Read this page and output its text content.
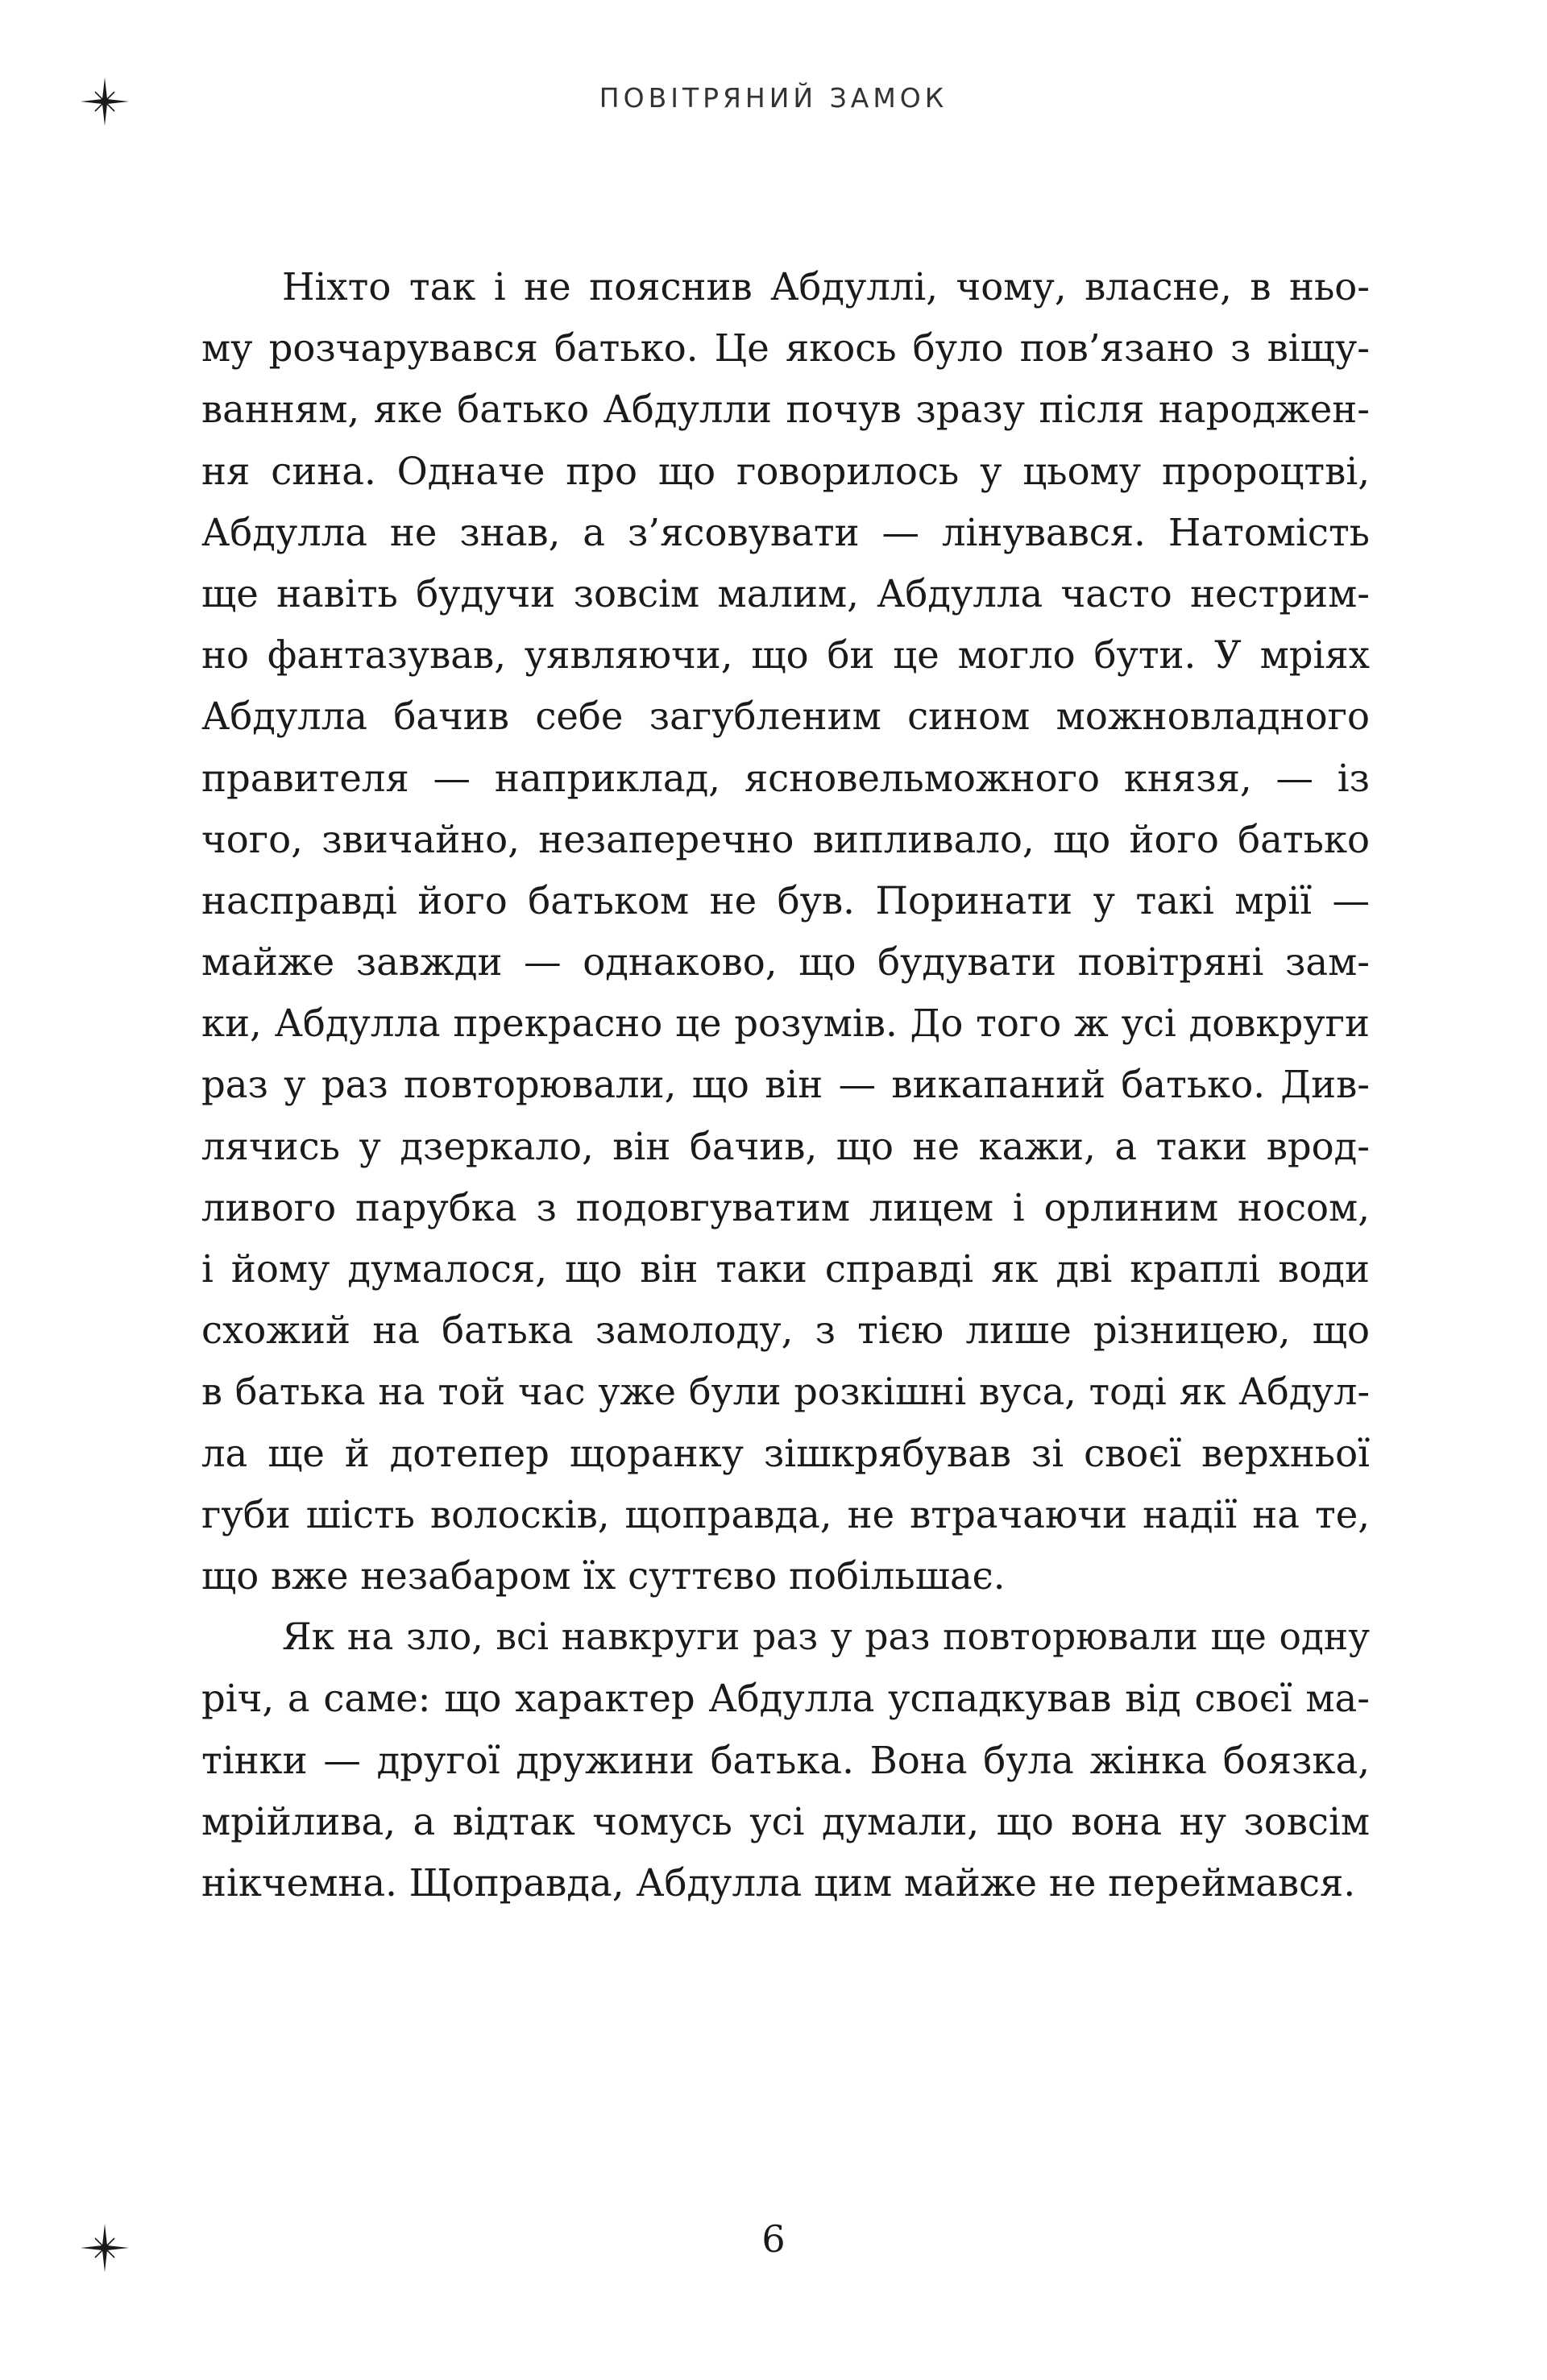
ПОВІТРЯНИЙ ЗАМОК
Ніхто так і не пояснив Абдуллі, чому, власне, в ньо-
му розчарувався батько. Це якось було пов’язано з віщу-
ванням, яке батько Абдулли почув зразу після народжен-
ня сина. Одначе про що говорилось у цьому пророцтві,
Абдулла не знав, а з’ясовувати — лінувався. Натомість
ще навіть будучи зовсім малим, Абдулла часто нестрим-
но фантазував, уявляючи, що би це могло бути. У мріях
Абдулла бачив себе загубленим сином можновладного
правителя — наприклад, ясновельможного князя, — із
чого, звичайно, незаперечно випливало, що його батько
насправді його батьком не був. Поринати у такі мрії —
майже завжди — однаково, що будувати повітряні зам-
ки, Абдулла прекрасно це розумів. До того ж усі довкруги
раз у раз повторювали, що він — викапаний батько. Див-
лячись у дзеркало, він бачив, що не кажи, а таки врод-
ливого парубка з подовгуватим лицем і орлиним носом,
і йому думалося, що він таки справді як дві краплі води
схожий на батька замолоду, з тією лише різницею, що
в батька на той час уже були розкішні вуса, тоді як Абдул-
ла ще й дотепер щоранку зішкрябував зі своєї верхньої
губи шість волосків, щоправда, не втрачаючи надії на те,
що вже незабаром їх суттєво побільшає.
Як на зло, всі навкруги раз у раз повторювали ще одну
річ, а саме: що характер Абдулла успадкував від своєї ма-
тінки — другої дружини батька. Вона була жінка боязка,
мрійлива, а відтак чомусь усі думали, що вона ну зовсім
нікчемна. Щоправда, Абдулла цим майже не переймався.
6
